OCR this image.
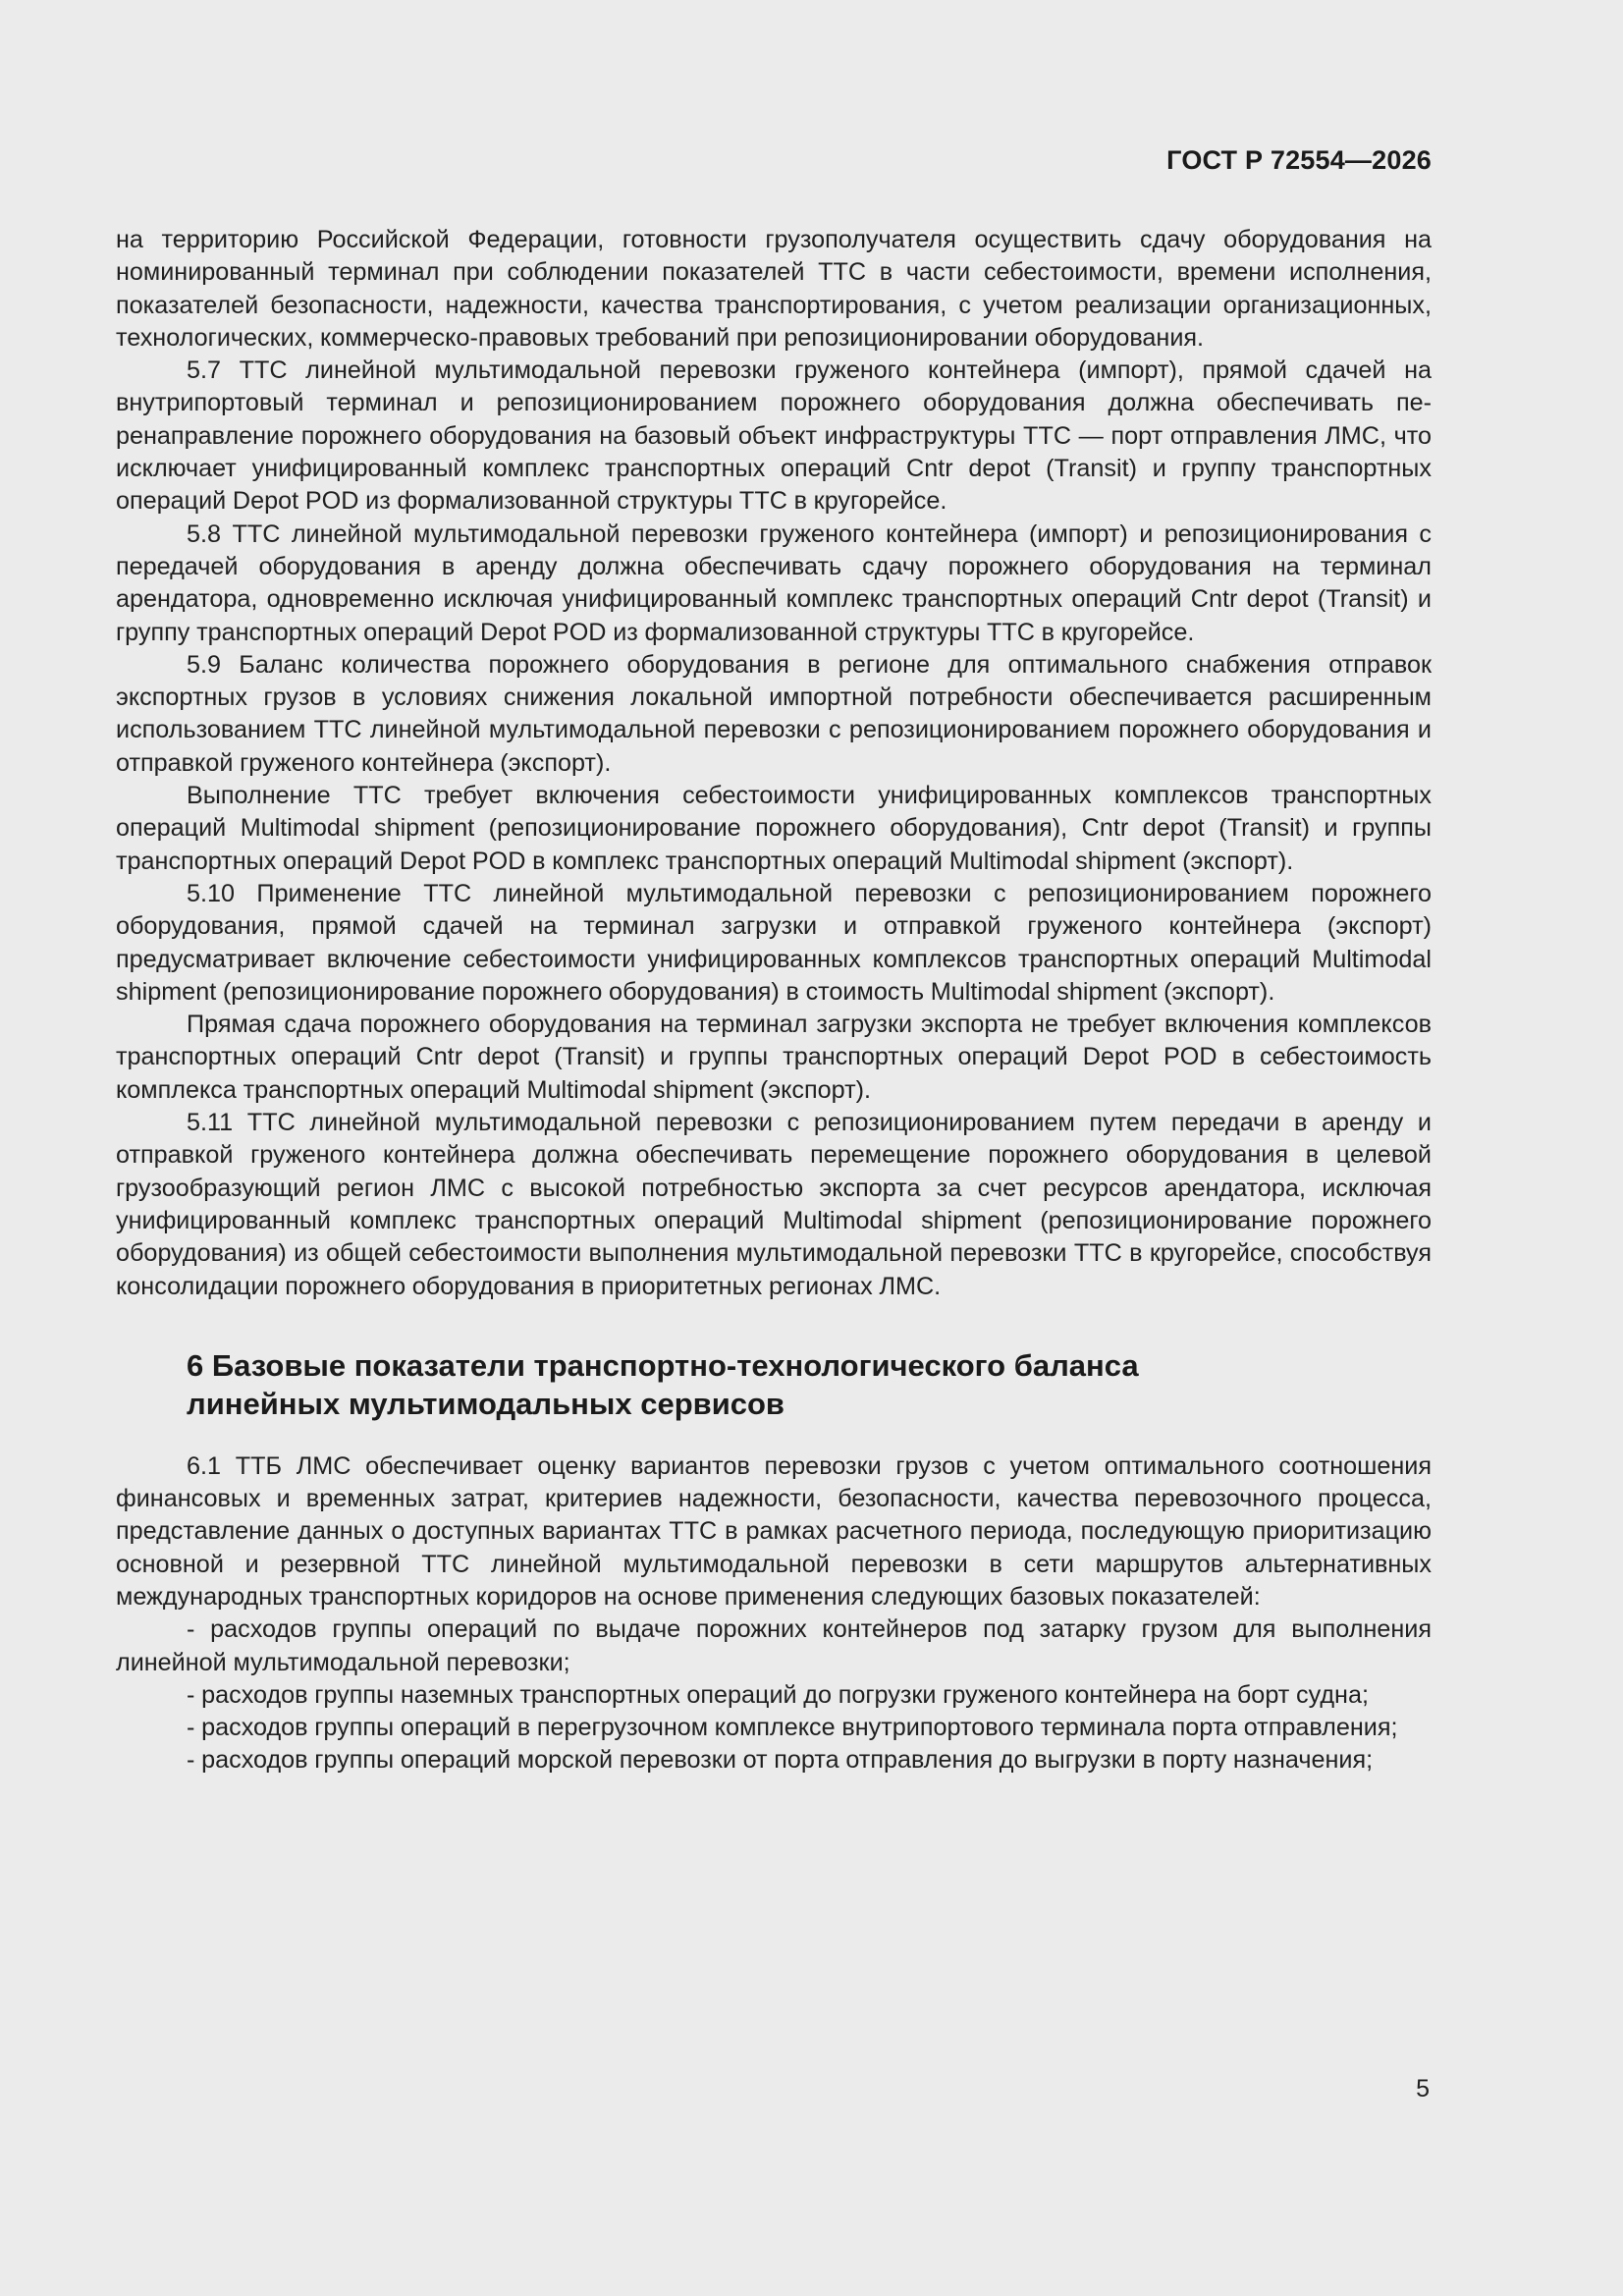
ГОСТ Р 72554—2026

на территорию Российской Федерации, готовности грузополучателя осуществить сдачу оборудования на номинированный терминал при соблюдении показателей ТТС в части себестоимости, времени исполнения, показателей безопасности, надежности, качества транспортирования, с учетом реализации организационных, технологических, коммерческо-правовых требований при репозиционировании оборудования.

5.7 ТТС линейной мультимодальной перевозки груженого контейнера (импорт), прямой сдачей на внутрипортовый терминал и репозиционированием порожнего оборудования должна обеспечивать перенаправление порожнего оборудования на базовый объект инфраструктуры ТТС — порт отправления ЛМС, что исключает унифицированный комплекс транспортных операций Cntr depot (Transit) и группу транспортных операций Depot POD из формализованной структуры ТТС в кругорейсе.

5.8 ТТС линейной мультимодальной перевозки груженого контейнера (импорт) и репозиционирования с передачей оборудования в аренду должна обеспечивать сдачу порожнего оборудования на терминал арендатора, одновременно исключая унифицированный комплекс транспортных операций Cntr depot (Transit) и группу транспортных операций Depot POD из формализованной структуры ТТС в кругорейсе.

5.9 Баланс количества порожнего оборудования в регионе для оптимального снабжения отправок экспортных грузов в условиях снижения локальной импортной потребности обеспечивается расширенным использованием ТТС линейной мультимодальной перевозки с репозиционированием порожнего оборудования и отправкой груженого контейнера (экспорт).

Выполнение ТТС требует включения себестоимости унифицированных комплексов транспортных операций Multimodal shipment (репозиционирование порожнего оборудования), Cntr depot (Transit) и группы транспортных операций Depot POD в комплекс транспортных операций Multimodal shipment (экспорт).

5.10 Применение ТТС линейной мультимодальной перевозки с репозиционированием порожнего оборудования, прямой сдачей на терминал загрузки и отправкой груженого контейнера (экспорт) предусматривает включение себестоимости унифицированных комплексов транспортных операций Multimodal shipment (репозиционирование порожнего оборудования) в стоимость Multimodal shipment (экспорт).

Прямая сдача порожнего оборудования на терминал загрузки экспорта не требует включения комплексов транспортных операций Cntr depot (Transit) и группы транспортных операций Depot POD в себестоимость комплекса транспортных операций Multimodal shipment (экспорт).

5.11 ТТС линейной мультимодальной перевозки с репозиционированием путем передачи в аренду и отправкой груженого контейнера должна обеспечивать перемещение порожнего оборудования в целевой грузообразующий регион ЛМС с высокой потребностью экспорта за счет ресурсов арендатора, исключая унифицированный комплекс транспортных операций Multimodal shipment (репозиционирование порожнего оборудования) из общей себестоимости выполнения мультимодальной перевозки ТТС в кругорейсе, способствуя консолидации порожнего оборудования в приоритетных регионах ЛМС.

6 Базовые показатели транспортно-технологического баланса
линейных мультимодальных сервисов

6.1 ТТБ ЛМС обеспечивает оценку вариантов перевозки грузов с учетом оптимального соотношения финансовых и временных затрат, критериев надежности, безопасности, качества перевозочного процесса, представление данных о доступных вариантах ТТС в рамках расчетного периода, последующую приоритизацию основной и резервной ТТС линейной мультимодальной перевозки в сети маршрутов альтернативных международных транспортных коридоров на основе применения следующих базовых показателей:

- расходов группы операций по выдаче порожних контейнеров под затарку грузом для выполнения линейной мультимодальной перевозки;

- расходов группы наземных транспортных операций до погрузки груженого контейнера на борт судна;

- расходов группы операций в перегрузочном комплексе внутрипортового терминала порта отправления;

- расходов группы операций морской перевозки от порта отправления до выгрузки в порту назначения;

5
